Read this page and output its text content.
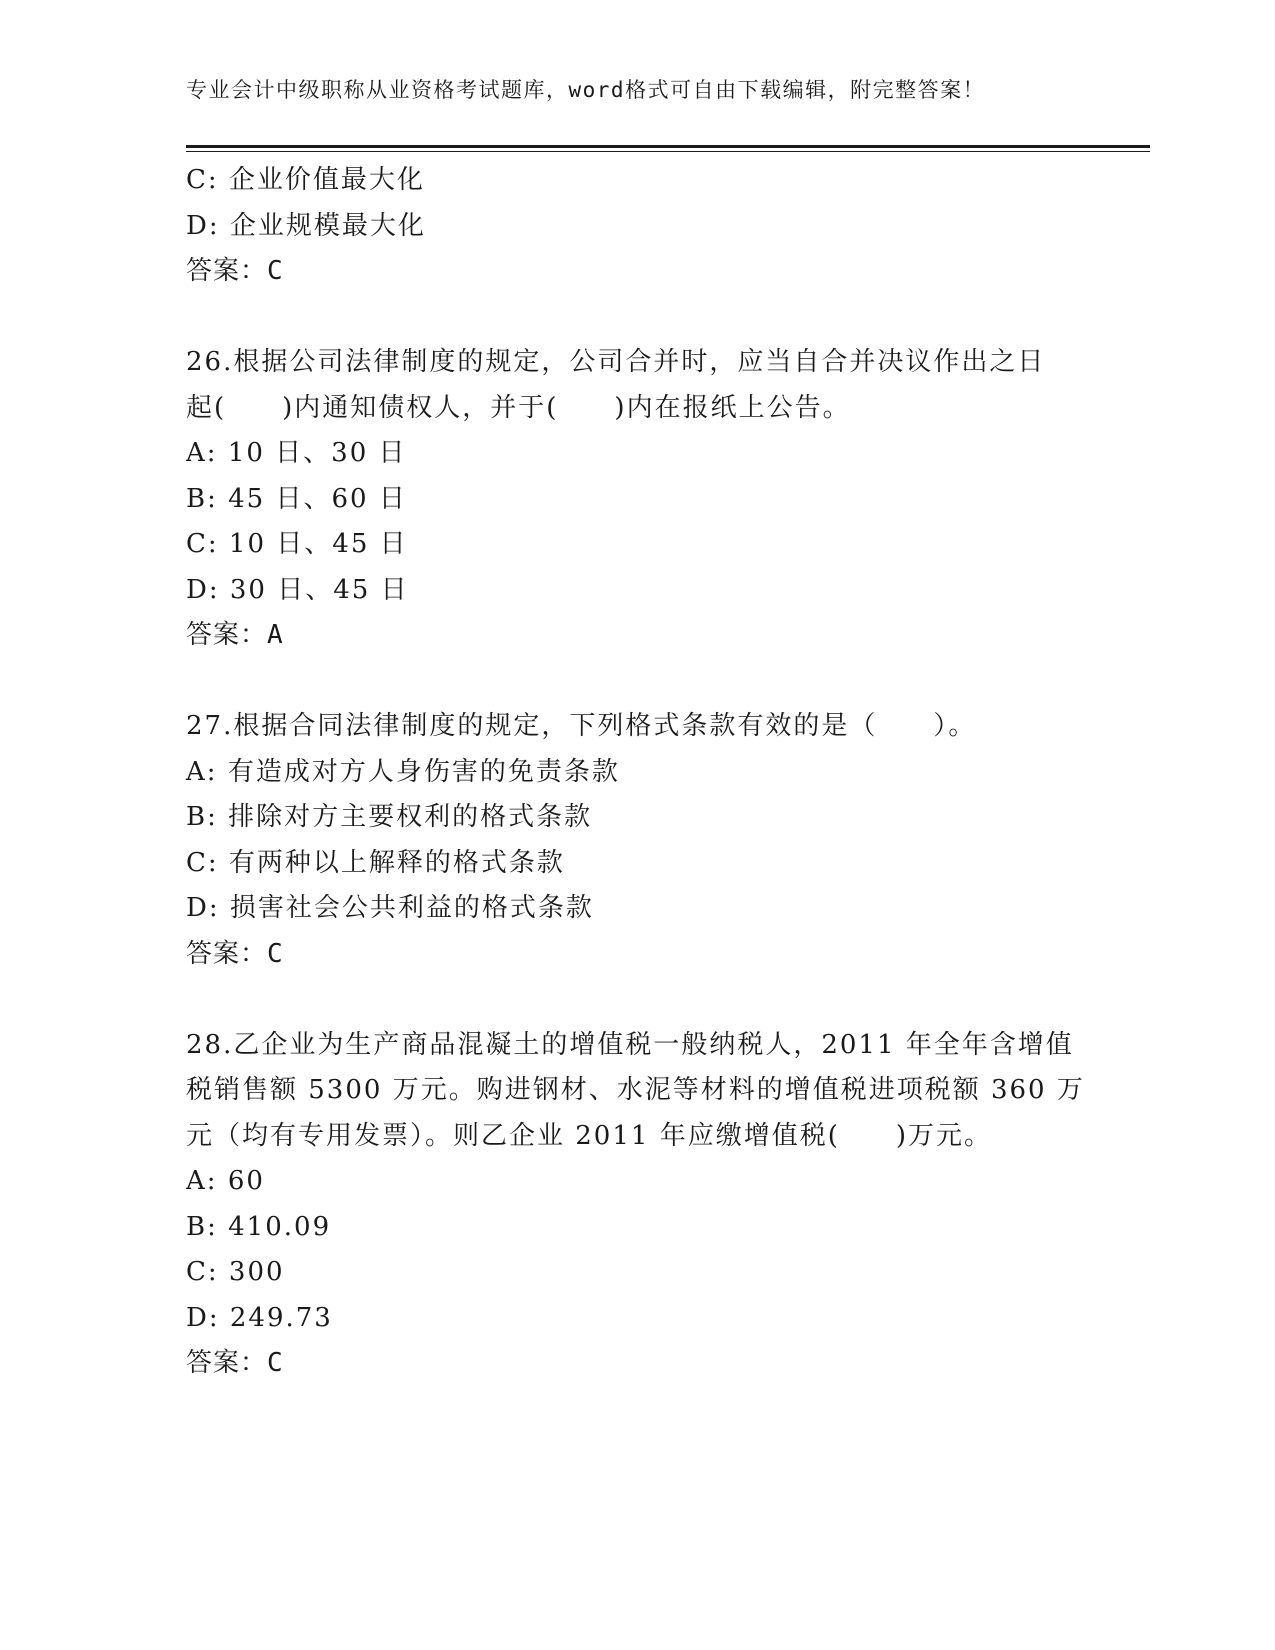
专业会计中级职称从业资格考试题库，word格式可自由下载编辑，附完整答案！
C: 企业价值最大化
D: 企业规模最大化
答案：C
26.根据公司法律制度的规定，公司合并时，应当自合并决议作出之日
起(　　)内通知债权人，并于(　　)内在报纸上公告。
A: 10 日、30 日
B: 45 日、60 日
C: 10 日、45 日
D: 30 日、45 日
答案：A
27.根据合同法律制度的规定，下列格式条款有效的是（　　）。
A: 有造成对方人身伤害的免责条款
B: 排除对方主要权利的格式条款
C: 有两种以上解释的格式条款
D: 损害社会公共利益的格式条款
答案：C
28.乙企业为生产商品混凝土的增值税一般纳税人，2011 年全年含增值
税销售额 5300 万元。购进钢材、水泥等材料的增值税进项税额 360 万
元（均有专用发票）。则乙企业 2011 年应缴增值税(　　)万元。
A: 60
B: 410.09
C: 300
D: 249.73
答案：C
